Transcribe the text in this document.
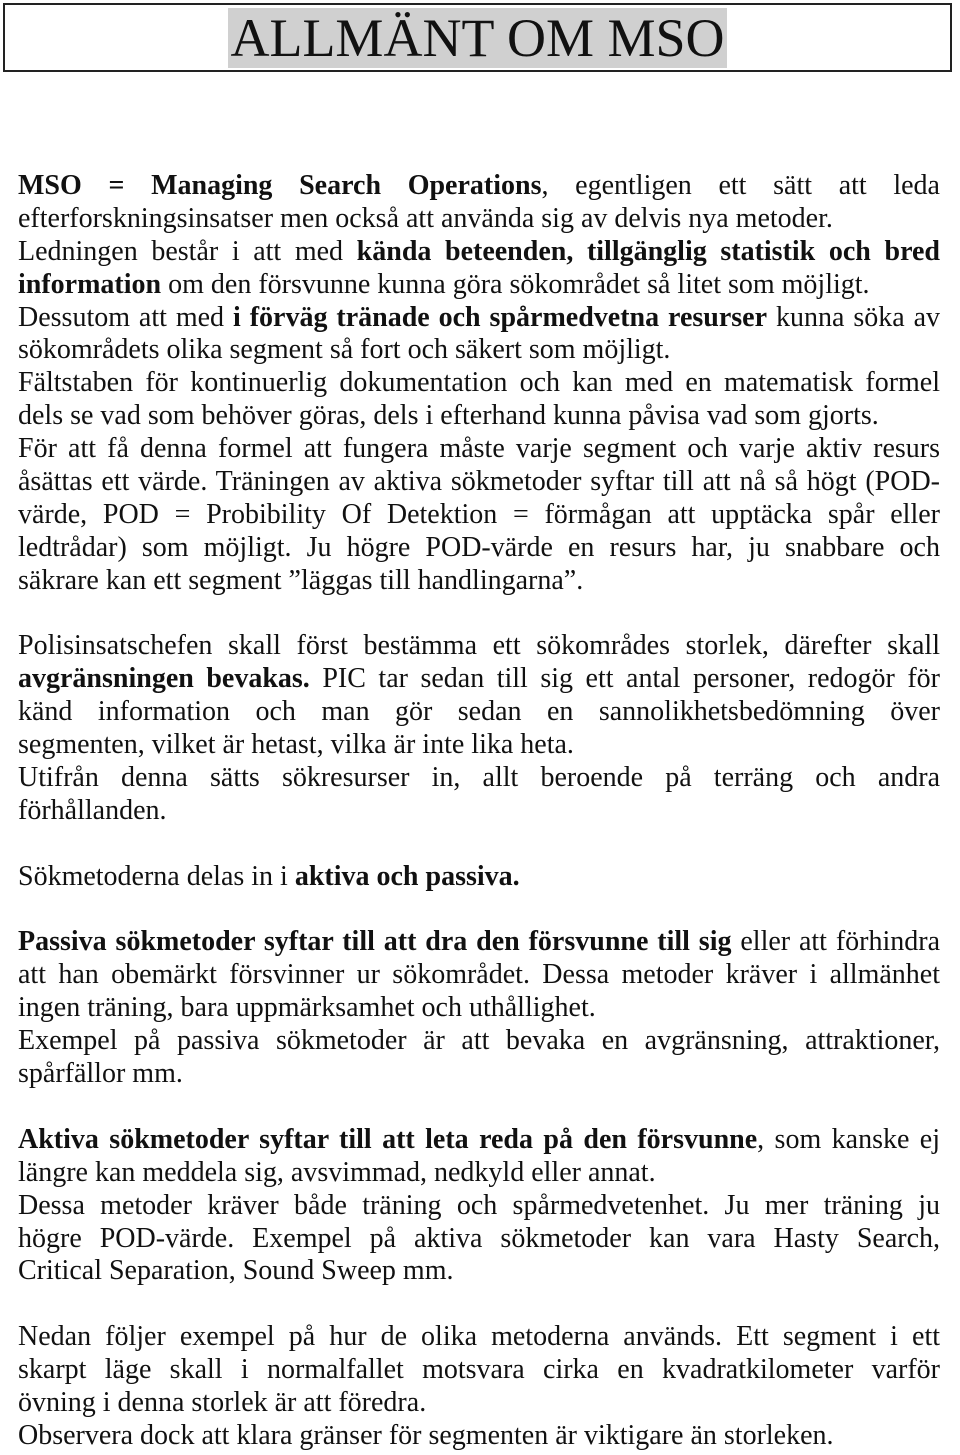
ALLMÄNT OM MSO
MSO = Managing Search Operations, egentligen ett sätt att leda
efterforskningsinsatser men också att använda sig av delvis nya metoder.
Ledningen består i att med kända beteenden, tillgänglig statistik och bred
information om den försvunne kunna göra sökområdet så litet som möjligt.
Dessutom att med i förväg tränade och spårmedvetna resurser kunna söka av
sökområdets olika segment så fort och säkert som möjligt.
Fältstaben för kontinuerlig dokumentation och kan med en matematisk formel
dels se vad som behöver göras, dels i efterhand kunna påvisa vad som gjorts.
För att få denna formel att fungera måste varje segment och varje aktiv resurs
åsättas ett värde. Träningen av aktiva sökmetoder syftar till att nå så högt (POD-
värde, POD = Probibility Of Detektion = förmågan att upptäcka spår eller
ledtrådar) som möjligt. Ju högre POD-värde en resurs har, ju snabbare och
säkrare kan ett segment ”läggas till handlingarna”.
Polisinsatschefen skall först bestämma ett sökområdes storlek, därefter skall
avgränsningen bevakas. PIC tar sedan till sig ett antal personer, redogör för
känd information och man gör sedan en sannolikhetsbedömning över
segmenten, vilket är hetast, vilka är inte lika heta.
Utifrån denna sätts sökresurser in, allt beroende på terräng och andra
förhållanden.
Sökmetoderna delas in i aktiva och passiva.
Passiva sökmetoder syftar till att dra den försvunne till sig eller att förhindra
att han obemärkt försvinner ur sökområdet. Dessa metoder kräver i allmänhet
ingen träning, bara uppmärksamhet och uthållighet.
Exempel på passiva sökmetoder är att bevaka en avgränsning, attraktioner,
spårfällor mm.
Aktiva sökmetoder syftar till att leta reda på den försvunne, som kanske ej
längre kan meddela sig, avsvimmad, nedkyld eller annat.
Dessa metoder kräver både träning och spårmedvetenhet. Ju mer träning ju
högre POD-värde. Exempel på aktiva sökmetoder kan vara Hasty Search,
Critical Separation, Sound Sweep mm.
Nedan följer exempel på hur de olika metoderna används. Ett segment i ett
skarpt läge skall i normalfallet motsvara cirka en kvadratkilometer varför
övning i denna storlek är att föredra.
Observera dock att klara gränser för segmenten är viktigare än storleken.
